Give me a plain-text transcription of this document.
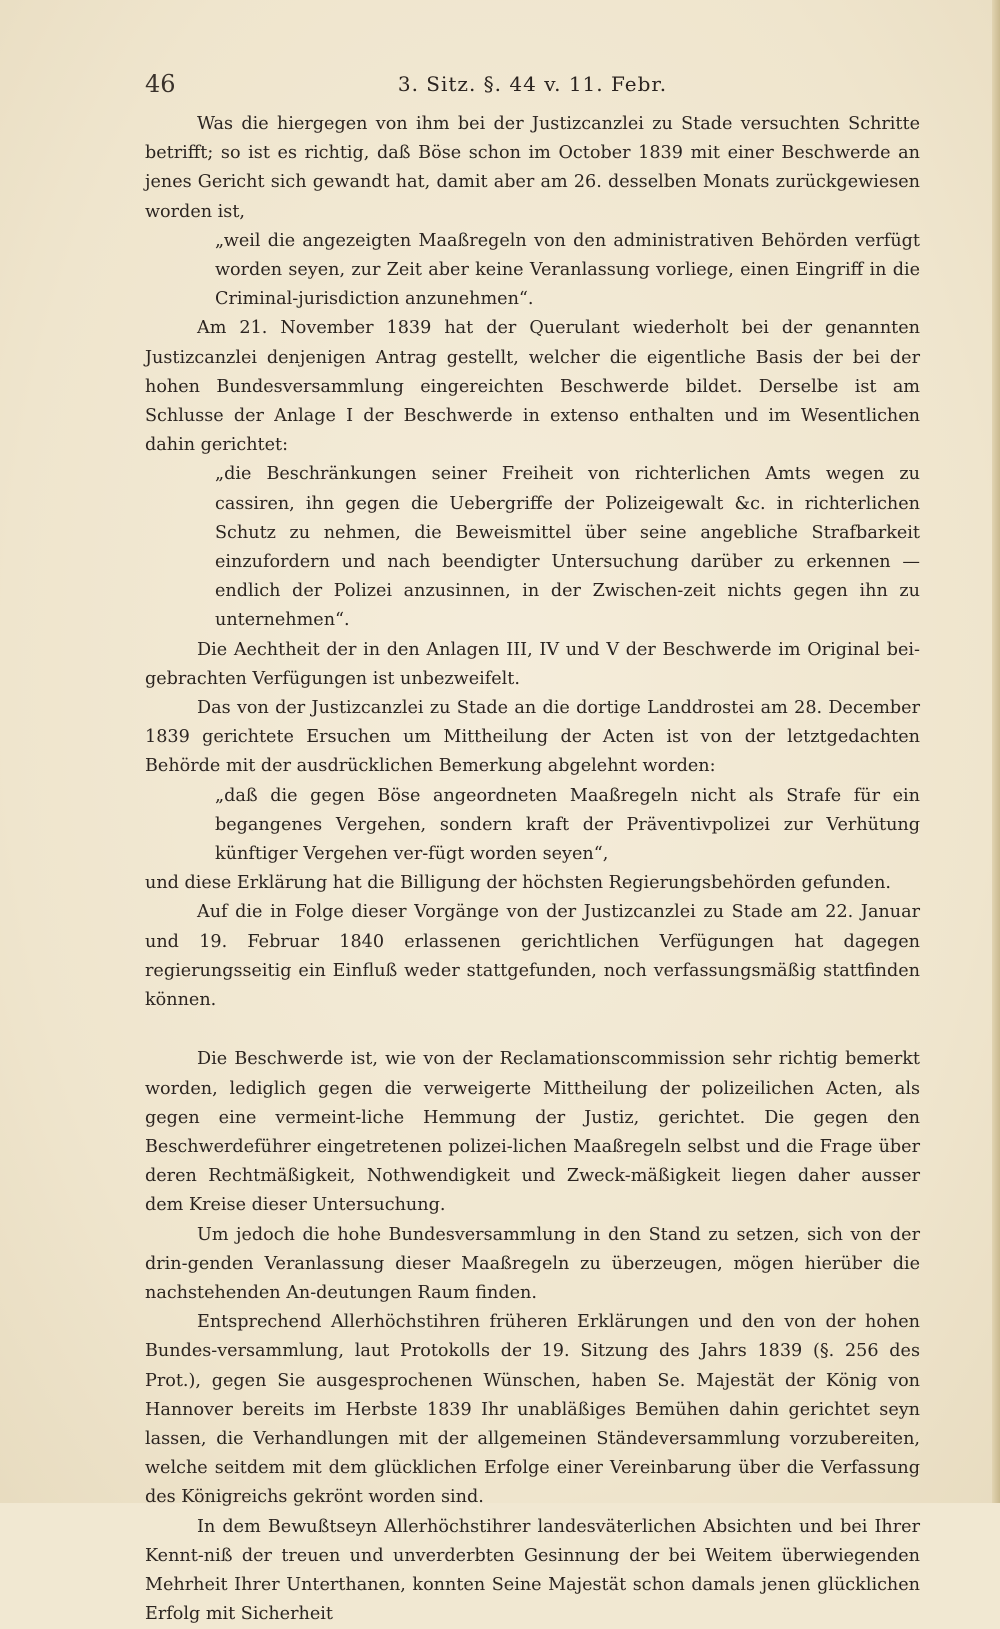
46	3. Sitz. §. 44 v. 11. Febr.

Was die hiergegen von ihm bei der Justizcanzlei zu Stade versuchten Schritte betrifft; so ist es richtig, daß Böse schon im October 1839 mit einer Beschwerde an jenes Gericht sich gewandt hat, damit aber am 26. desselben Monats zurückgewiesen worden ist,

„weil die angezeigten Maaßregeln von den administrativen Behörden verfügt worden seyen, zur Zeit aber keine Veranlassung vorliege, einen Eingriff in die Criminal-jurisdiction anzunehmen“.

Am 21. November 1839 hat der Querulant wiederholt bei der genannten Justizcanzlei denjenigen Antrag gestellt, welcher die eigentliche Basis der bei der hohen Bundesversammlung eingereichten Beschwerde bildet. Derselbe ist am Schlusse der Anlage I der Beschwerde in extenso enthalten und im Wesentlichen dahin gerichtet:

„die Beschränkungen seiner Freiheit von richterlichen Amts wegen zu cassiren, ihn gegen die Uebergriffe der Polizeigewalt &c. in richterlichen Schutz zu nehmen, die Beweismittel über seine angebliche Strafbarkeit einzufordern und nach beendigter Untersuchung darüber zu erkennen — endlich der Polizei anzusinnen, in der Zwischen-zeit nichts gegen ihn zu unternehmen“.

Die Aechtheit der in den Anlagen III, IV und V der Beschwerde im Original bei-gebrachten Verfügungen ist unbezweifelt.

Das von der Justizcanzlei zu Stade an die dortige Landdrostei am 28. December 1839 gerichtete Ersuchen um Mittheilung der Acten ist von der letztgedachten Behörde mit der ausdrücklichen Bemerkung abgelehnt worden:

„daß die gegen Böse angeordneten Maaßregeln nicht als Strafe für ein begangenes Vergehen, sondern kraft der Präventivpolizei zur Verhütung künftiger Vergehen ver-fügt worden seyen“,

und diese Erklärung hat die Billigung der höchsten Regierungsbehörden gefunden.

Auf die in Folge dieser Vorgänge von der Justizcanzlei zu Stade am 22. Januar und 19. Februar 1840 erlassenen gerichtlichen Verfügungen hat dagegen regierungsseitig ein Einfluß weder stattgefunden, noch verfassungsmäßig stattfinden können.

Die Beschwerde ist, wie von der Reclamationscommission sehr richtig bemerkt worden, lediglich gegen die verweigerte Mittheilung der polizeilichen Acten, als gegen eine vermeint-liche Hemmung der Justiz, gerichtet. Die gegen den Beschwerdeführer eingetretenen polizei-lichen Maaßregeln selbst und die Frage über deren Rechtmäßigkeit, Nothwendigkeit und Zweck-mäßigkeit liegen daher ausser dem Kreise dieser Untersuchung.

Um jedoch die hohe Bundesversammlung in den Stand zu setzen, sich von der drin-genden Veranlassung dieser Maaßregeln zu überzeugen, mögen hierüber die nachstehenden An-deutungen Raum finden.

Entsprechend Allerhöchstihren früheren Erklärungen und den von der hohen Bundes-versammlung, laut Protokolls der 19. Sitzung des Jahrs 1839 (§. 256 des Prot.), gegen Sie ausgesprochenen Wünschen, haben Se. Majestät der König von Hannover bereits im Herbste 1839 Ihr unabläßiges Bemühen dahin gerichtet seyn lassen, die Verhandlungen mit der allgemeinen Ständeversammlung vorzubereiten, welche seitdem mit dem glücklichen Erfolge einer Vereinbarung über die Verfassung des Königreichs gekrönt worden sind.

In dem Bewußtseyn Allerhöchstihrer landesväterlichen Absichten und bei Ihrer Kennt-niß der treuen und unverderbten Gesinnung der bei Weitem überwiegenden Mehrheit Ihrer Unterthanen, konnten Seine Majestät schon damals jenen glücklichen Erfolg mit Sicherheit
